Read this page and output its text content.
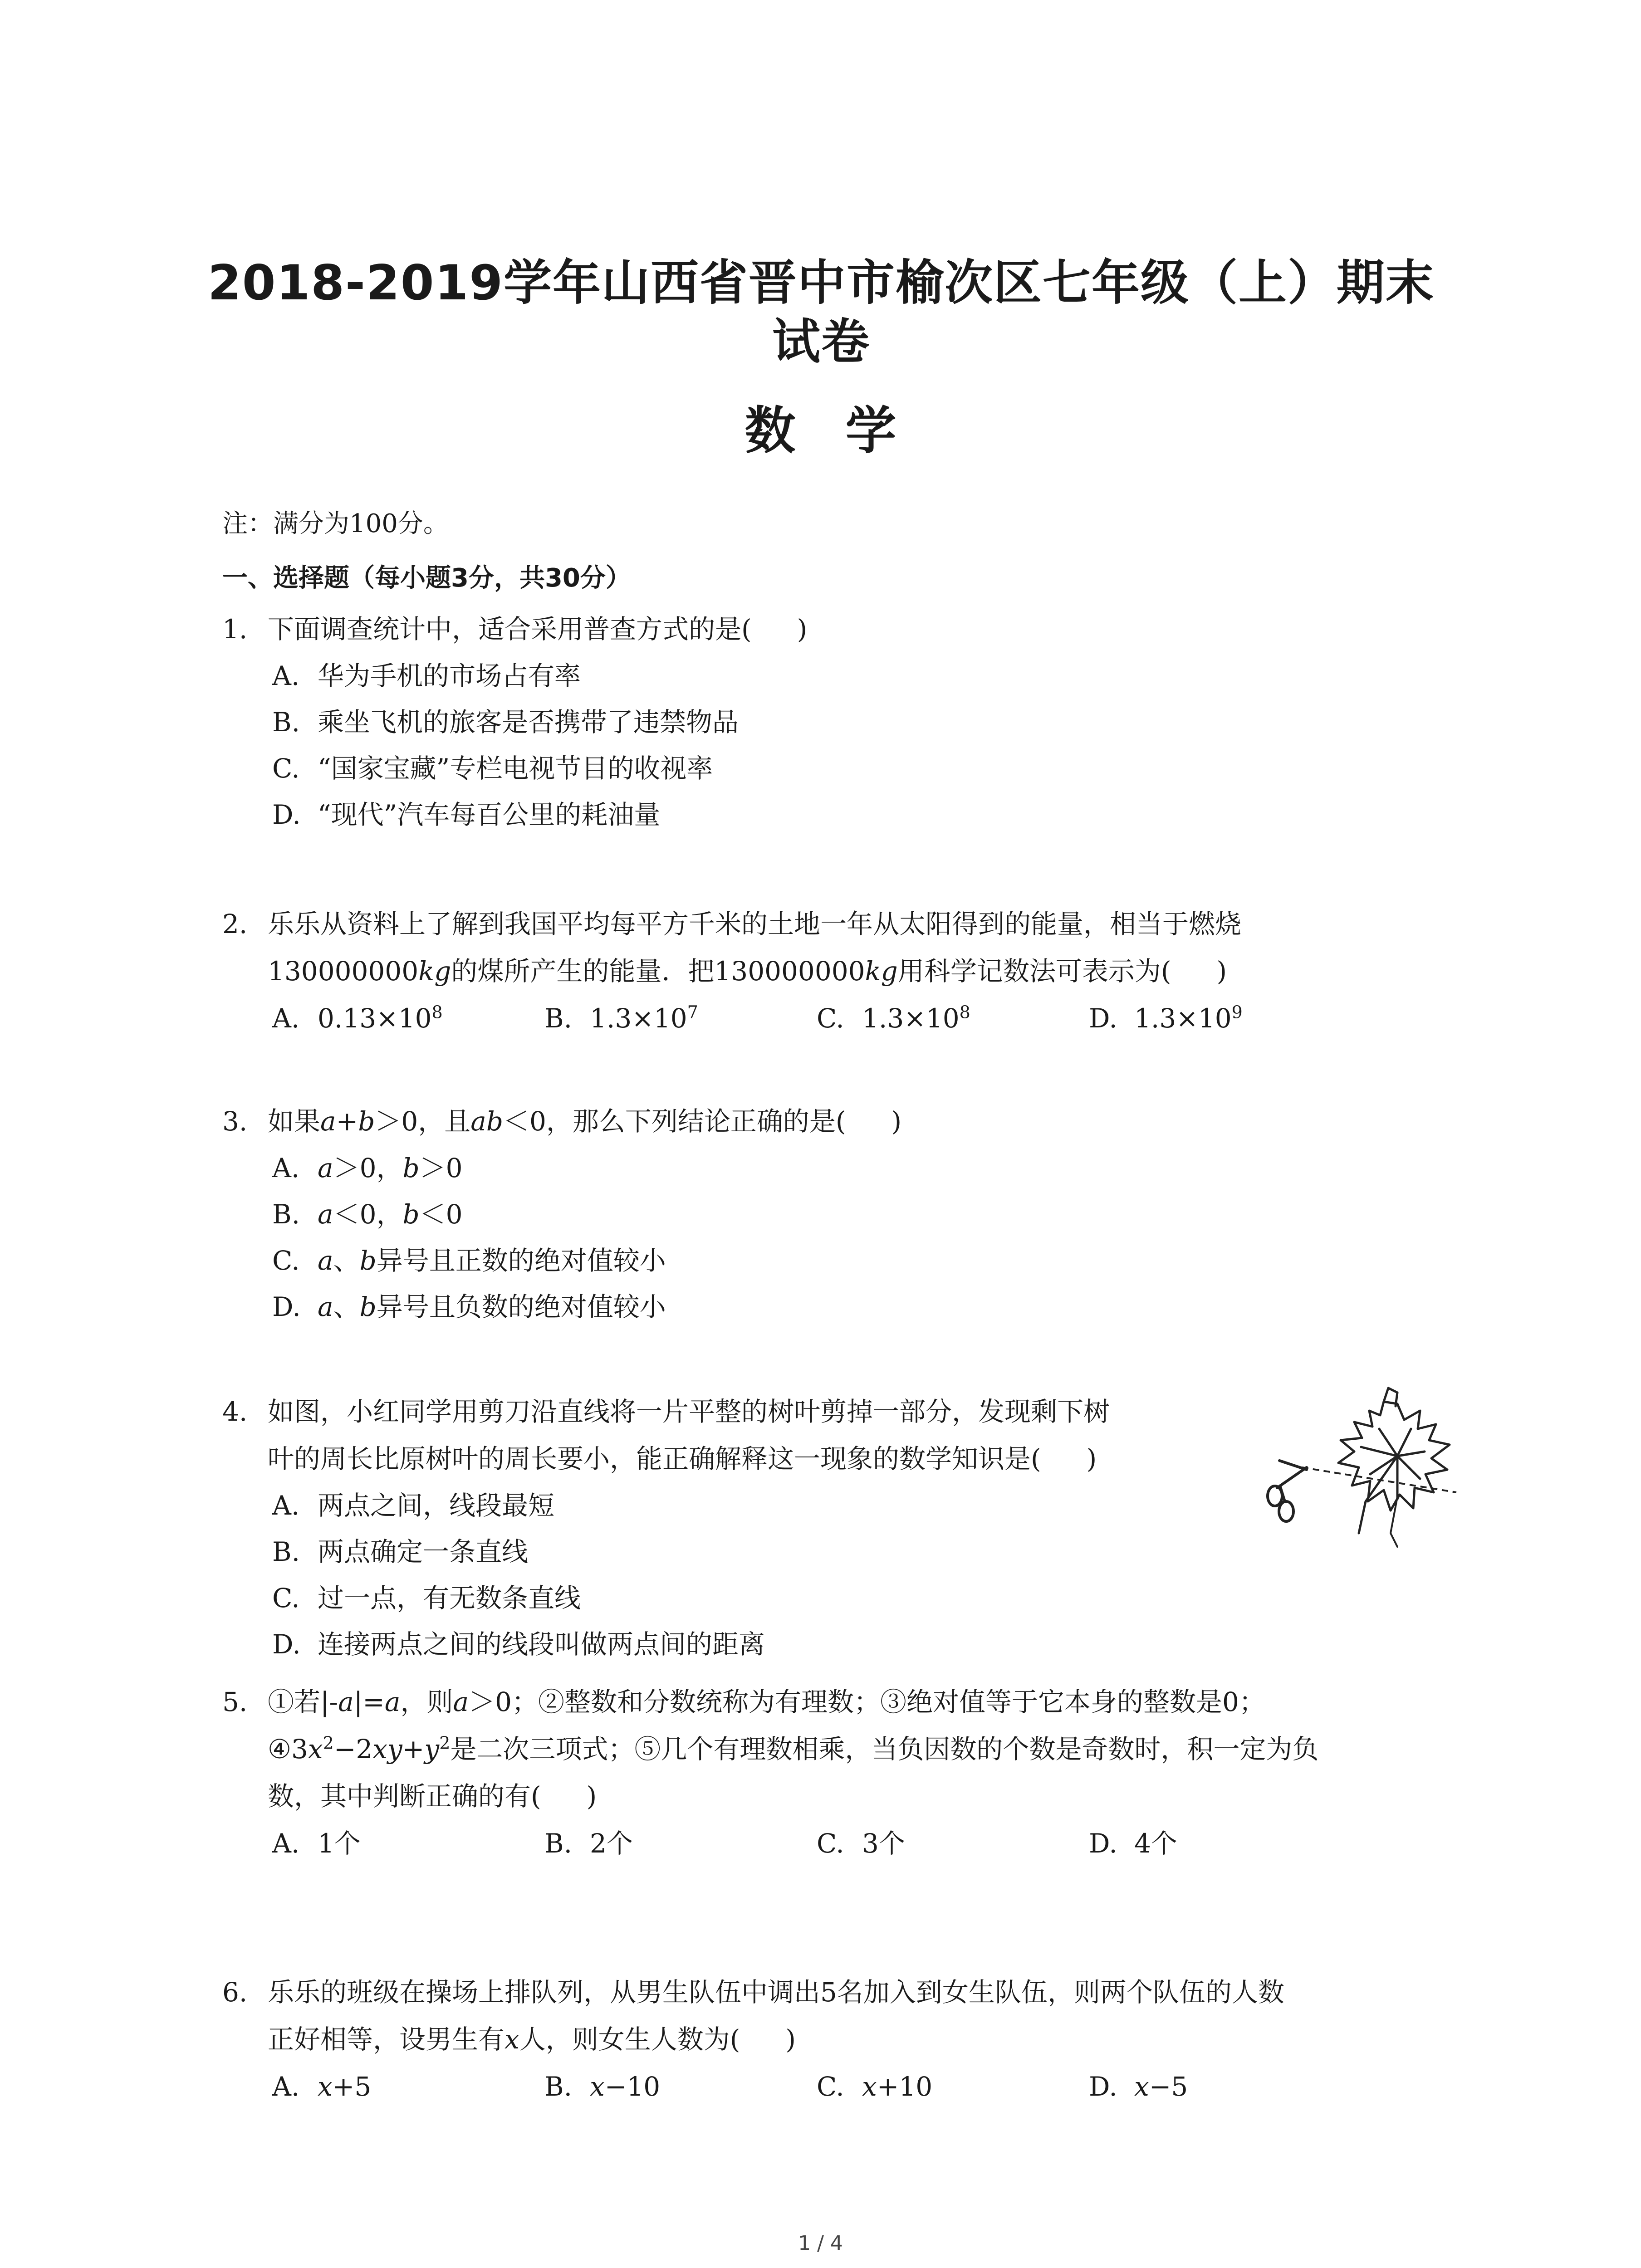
2018-2019学年山西省晋中市榆次区七年级（上）期末
试卷
数学
注：满分为100分。
一、选择题（每小题3分，共30分）
1. 下面调查统计中，适合采用普查方式的是( )
A. 华为手机的市场占有率
B. 乘坐飞机的旅客是否携带了违禁物品
C. “国家宝藏”专栏电视节目的收视率
D. “现代”汽车每百公里的耗油量
2. 乐乐从资料上了解到我国平均每平方千米的土地一年从太阳得到的能量，相当于燃烧
130000000kg的煤所产生的能量．把130000000kg用科学记数法可表示为( )
A. $0.13\times 10^8$	B. $1.3\times 10^7$	C. $1.3\times 10^8$	D. $1.3\times 10^9$
3. 如果a+b＞0，且ab＜0，那么下列结论正确的是( )
A. a＞0，b＞0
B. a＜0，b＜0
C. a、b异号且正数的绝对值较小
D. a、b异号且负数的绝对值较小
4. 如图，小红同学用剪刀沿直线将一片平整的树叶剪掉一部分，发现剩下树
叶的周长比原树叶的周长要小，能正确解释这一现象的数学知识是( )
A. 两点之间，线段最短
B. 两点确定一条直线
C. 过一点，有无数条直线
D. 连接两点之间的线段叫做两点间的距离
5. ①若|-a|=a，则a＞0；②整数和分数统称为有理数；③绝对值等于它本身的整数是0；
$④3x^2-2xy+y^2$是二次三项式；⑤几个有理数相乘，当负因数的个数是奇数时，积一定为负
数，其中判断正确的有( )
A. 1个	B. 2个	C. 3个	D. 4个
6. 乐乐的班级在操场上排队列，从男生队伍中调出5名加入到女生队伍，则两个队伍的人数
正好相等，设男生有x人，则女生人数为( )
A. x+5	B. x−10	C. x+10	D. x−5
1 / 4
